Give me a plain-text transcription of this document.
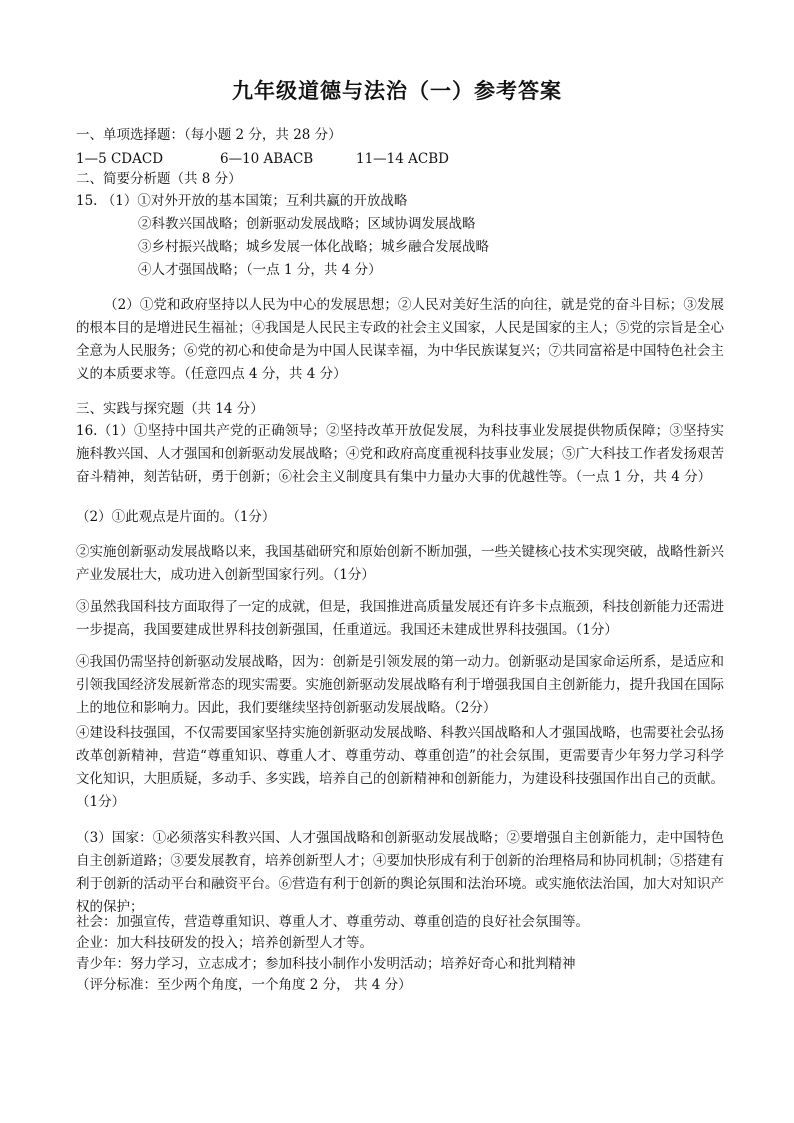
九年级道德与法治（一）参考答案
一、单项选择题：（每小题 2 分，共 28 分）
1—5 CDACD	6—10 ABACB	11—14 ACBD
二、简要分析题（共 8 分）
15. （1）①对外开放的基本国策；互利共赢的开放战略
②科教兴国战略；创新驱动发展战略；区域协调发展战略
③乡村振兴战略；城乡发展一体化战略；城乡融合发展战略
④人才强国战略；（一点 1 分，共 4 分）
（2）①党和政府坚持以人民为中心的发展思想；②人民对美好生活的向往，就是党的奋斗目标；③发展的根本目的是增进民生福祉；④我国是人民民主专政的社会主义国家，人民是国家的主人；⑤党的宗旨是全心全意为人民服务；⑥党的初心和使命是为中国人民谋幸福，为中华民族谋复兴；⑦共同富裕是中国特色社会主义的本质要求等。（任意四点 4 分，共 4 分）
三、实践与探究题（共 14 分）
16.（1）①坚持中国共产党的正确领导；②坚持改革开放促发展，为科技事业发展提供物质保障；③坚持实施科教兴国、人才强国和创新驱动发展战略；④党和政府高度重视科技事业发展；⑤广大科技工作者发扬艰苦奋斗精神，刻苦钻研，勇于创新；⑥社会主义制度具有集中力量办大事的优越性等。（一点 1 分，共 4 分）
（2）①此观点是片面的。（1分）
②实施创新驱动发展战略以来，我国基础研究和原始创新不断加强，一些关键核心技术实现突破，战略性新兴产业发展壮大，成功进入创新型国家行列。（1分）
③虽然我国科技方面取得了一定的成就，但是，我国推进高质量发展还有许多卡点瓶颈，科技创新能力还需进一步提高，我国要建成世界科技创新强国，任重道远。我国还未建成世界科技强国。（1分）
④我国仍需坚持创新驱动发展战略，因为：创新是引领发展的第一动力。创新驱动是国家命运所系，是适应和引领我国经济发展新常态的现实需要。实施创新驱动发展战略有利于增强我国自主创新能力，提升我国在国际上的地位和影响力。因此，我们要继续坚持创新驱动发展战略。（2分）
④建设科技强国，不仅需要国家坚持实施创新驱动发展战略、科教兴国战略和人才强国战略，也需要社会弘扬改革创新精神，营造“尊重知识、尊重人才、尊重劳动、尊重创造”的社会氛围，更需要青少年努力学习科学文化知识，大胆质疑，多动手、多实践，培养自己的创新精神和创新能力，为建设科技强国作出自己的贡献。（1分）
（3）国家：①必须落实科教兴国、人才强国战略和创新驱动发展战略；②要增强自主创新能力，走中国特色自主创新道路；③要发展教育，培养创新型人才；④要加快形成有利于创新的治理格局和协同机制；⑤搭建有利于创新的活动平台和融资平台。⑥营造有利于创新的舆论氛围和法治环境。或实施依法治国，加大对知识产权的保护；
社会：加强宣传，营造尊重知识、尊重人才、尊重劳动、尊重创造的良好社会氛围等。
企业：加大科技研发的投入；培养创新型人才等。
青少年：努力学习，立志成才；参加科技小制作小发明活动；培养好奇心和批判精神
（评分标准：至少两个角度，一个角度 2 分， 共 4 分）
